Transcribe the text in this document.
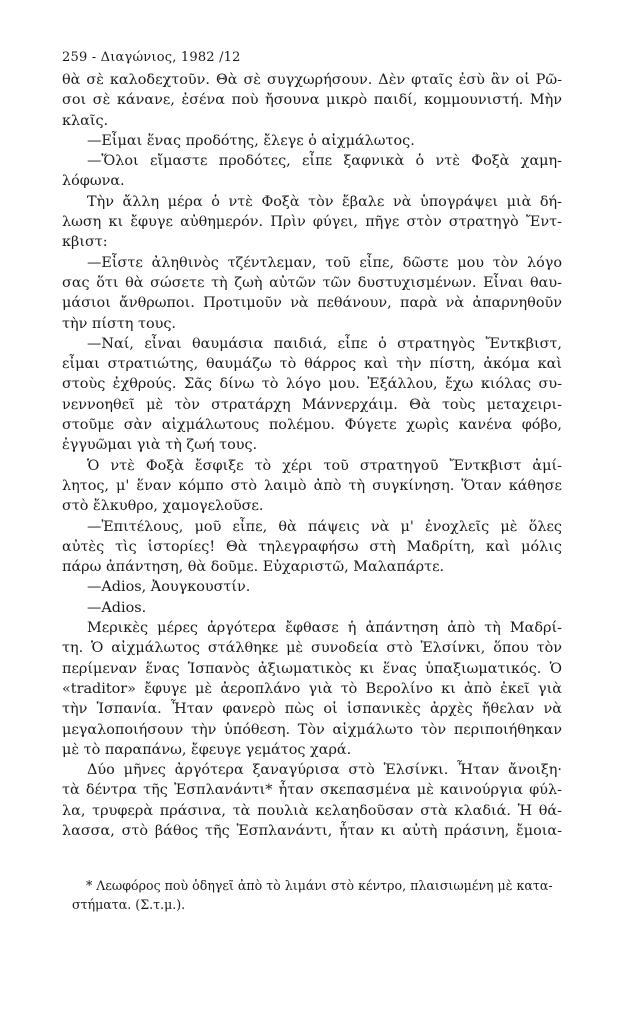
259 - Διαγώνιος, 1982 /12
θὰ σὲ καλοδεχτοῦν. Θὰ σὲ συγχωρήσουν. Δὲν φταῖς ἐσὺ ἂν οἱ Ρῶ-
σοι σὲ κάνανε, ἐσένα ποὺ ἤσουνα μικρὸ παιδί, κομμουνιστή. Μὴν
κλαῖς.
—Εἶμαι ἕνας προδότης, ἔλεγε ὁ αἰχμάλωτος.
—Ὅλοι εἴμαστε προδότες, εἶπε ξαφνικὰ ὁ ντὲ Φοξὰ χαμη-
λόφωνα.
Τὴν ἄλλη μέρα ὁ ντὲ Φοξὰ τὸν ἔβαλε νὰ ὑπογράψει μιὰ δή-
λωση κι ἔφυγε αὐθημερόν. Πρὶν φύγει, πῆγε στὸν στρατηγὸ Ἔντ-
κβιστ:
—Εἶστε ἀληθινὸς τζέντλεμαν, τοῦ εἶπε, δῶστε μου τὸν λόγο
σας ὅτι θὰ σώσετε τὴ ζωὴ αὐτῶν τῶν δυστυχισμένων. Εἶναι θαυ-
μάσιοι ἄνθρωποι. Προτιμοῦν νὰ πεθάνουν, παρὰ νὰ ἀπαρνηθοῦν
τὴν πίστη τους.
—Ναί, εἶναι θαυμάσια παιδιά, εἶπε ὁ στρατηγὸς Ἔντκβιστ,
εἶμαι στρατιώτης, θαυμάζω τὸ θάρρος καὶ τὴν πίστη, ἀκόμα καὶ
στοὺς ἐχθρούς. Σᾶς δίνω τὸ λόγο μου. Ἐξάλλου, ἔχω κιόλας συ-
νεννοηθεῖ μὲ τὸν στρατάρχη Μάννερχάιμ. Θὰ τοὺς μεταχειρι-
στοῦμε σὰν αἰχμάλωτους πολέμου. Φύγετε χωρὶς κανένα φόβο,
ἐγγυῶμαι γιὰ τὴ ζωή τους.
Ὁ ντὲ Φοξὰ ἔσφιξε τὸ χέρι τοῦ στρατηγοῦ Ἔντκβιστ ἀμί-
λητος, μ' ἕναν κόμπο στὸ λαιμὸ ἀπὸ τὴ συγκίνηση. Ὅταν κάθησε
στὸ ἔλκυθρο, χαμογελοῦσε.
—Ἐπιτέλους, μοῦ εἶπε, θὰ πάψεις νὰ μ' ἐνοχλεῖς μὲ ὅλες
αὐτὲς τὶς ἱστορίες! Θὰ τηλεγραφήσω στὴ Μαδρίτη, καὶ μόλις
πάρω ἀπάντηση, θὰ δοῦμε. Εὐχαριστῶ, Μαλαπάρτε.
—Adios, Ἀουγκουστίν.
—Adios.
Μερικὲς μέρες ἀργότερα ἔφθασε ἡ ἀπάντηση ἀπὸ τὴ Μαδρί-
τη. Ὁ αἰχμάλωτος στάλθηκε μὲ συνοδεία στὸ Ἑλσίνκι, ὅπου τὸν
περίμεναν ἕνας Ἱσπανὸς ἀξιωματικὸς κι ἕνας ὑπαξιωματικός. Ὁ
«traditor» ἔφυγε μὲ ἀεροπλάνο γιὰ τὸ Βερολίνο κι ἀπὸ ἐκεῖ γιὰ
τὴν Ἱσπανία. Ἦταν φανερὸ πὼς οἱ ἱσπανικὲς ἀρχὲς ἤθελαν νὰ
μεγαλοποιήσουν τὴν ὑπόθεση. Τὸν αἰχμάλωτο τὸν περιποιήθηκαν
μὲ τὸ παραπάνω, ἔφευγε γεμάτος χαρά.
Δύο μῆνες ἀργότερα ξαναγύρισα στὸ Ἑλσίνκι. Ἦταν ἄνοιξη·
τὰ δέντρα τῆς Ἐσπλανάντι* ἦταν σκεπασμένα μὲ καινούργια φύλ-
λα, τρυφερὰ πράσινα, τὰ πουλιὰ κελαηδοῦσαν στὰ κλαδιά. Ἡ θά-
λασσα, στὸ βάθος τῆς Ἐσπλανάντι, ἦταν κι αὐτὴ πράσινη, ἔμοια-
* Λεωφόρος ποὺ ὁδηγεῖ ἀπὸ τὸ λιμάνι στὸ κέντρο, πλαισιωμένη μὲ κατα-
στήματα. (Σ.τ.μ.).
